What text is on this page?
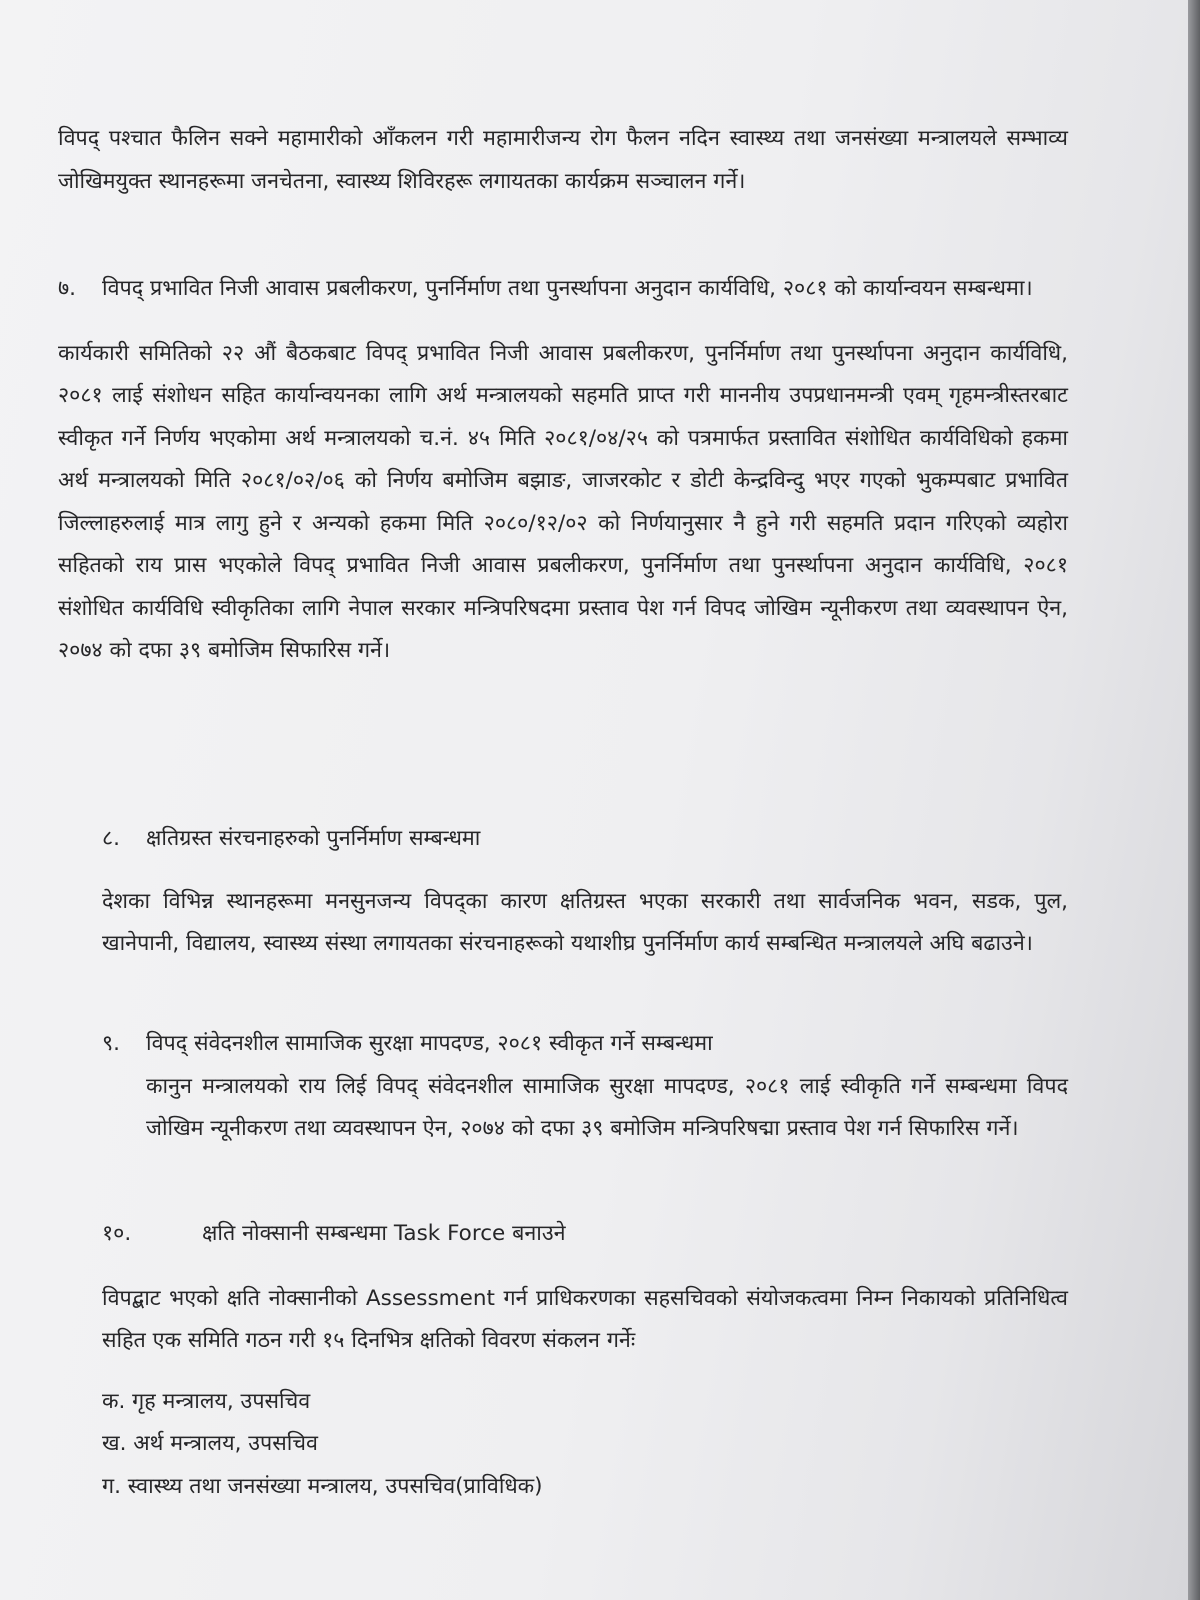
विपद् पश्चात फैलिन सक्ने महामारीको आँकलन गरी महामारीजन्य रोग फैलन नदिन स्वास्थ्य तथा जनसंख्या मन्त्रालयले सम्भाव्य जोखिमयुक्त स्थानहरूमा जनचेतना, स्वास्थ्य शिविरहरू लगायतका कार्यक्रम सञ्चालन गर्ने।

७.	विपद् प्रभावित निजी आवास प्रबलीकरण, पुनर्निर्माण तथा पुनर्स्थापना अनुदान कार्यविधि, २०८१ को कार्यान्वयन सम्बन्धमा।

कार्यकारी समितिको २२ औं बैठकबाट विपद् प्रभावित निजी आवास प्रबलीकरण, पुनर्निर्माण तथा पुनर्स्थापना अनुदान कार्यविधि, २०८१ लाई संशोधन सहित कार्यान्वयनका लागि अर्थ मन्त्रालयको सहमति प्राप्त गरी माननीय उपप्रधानमन्त्री एवम् गृहमन्त्रीस्तरबाट स्वीकृत गर्ने निर्णय भएकोमा अर्थ मन्त्रालयको च.नं. ४५ मिति २०८१/०४/२५ को पत्रमार्फत प्रस्तावित संशोधित कार्यविधिको हकमा अर्थ मन्त्रालयको मिति २०८१/०२/०६ को निर्णय बमोजिम बझाङ, जाजरकोट र डोटी केन्द्रविन्दु भएर गएको भुकम्पबाट प्रभावित जिल्लाहरुलाई मात्र लागु हुने र अन्यको हकमा मिति २०८०/१२/०२ को निर्णयानुसार नै हुने गरी सहमति प्रदान गरिएको व्यहोरा सहितको राय प्रास भएकोले विपद् प्रभावित निजी आवास प्रबलीकरण, पुनर्निर्माण तथा पुनर्स्थापना अनुदान कार्यविधि, २०८१ संशोधित कार्यविधि स्वीकृतिका लागि नेपाल सरकार मन्त्रिपरिषदमा प्रस्ताव पेश गर्न विपद जोखिम न्यूनीकरण तथा व्यवस्थापन ऐन, २०७४ को दफा ३९ बमोजिम सिफारिस गर्ने।

८.	क्षतिग्रस्त संरचनाहरुको पुनर्निर्माण सम्बन्धमा

देशका विभिन्न स्थानहरूमा मनसुनजन्य विपद्का कारण क्षतिग्रस्त भएका सरकारी तथा सार्वजनिक भवन, सडक, पुल, खानेपानी, विद्यालय, स्वास्थ्य संस्था लगायतका संरचनाहरूको यथाशीघ्र पुनर्निर्माण कार्य सम्बन्धित मन्त्रालयले अघि बढाउने।

९.	विपद् संवेदनशील सामाजिक सुरक्षा मापदण्ड, २०८१ स्वीकृत गर्ने सम्बन्धमा

कानुन मन्त्रालयको राय लिई विपद् संवेदनशील सामाजिक सुरक्षा मापदण्ड, २०८१ लाई स्वीकृति गर्ने सम्बन्धमा विपद जोखिम न्यूनीकरण तथा व्यवस्थापन ऐन, २०७४ को दफा ३९ बमोजिम मन्त्रिपरिषद्मा प्रस्ताव पेश गर्न सिफारिस गर्ने।

१०.	क्षति नोक्सानी सम्बन्धमा Task Force बनाउने

विपद्बाट भएको क्षति नोक्सानीको Assessment गर्न प्राधिकरणका सहसचिवको संयोजकत्वमा निम्न निकायको प्रतिनिधित्व सहित एक समिति गठन गरी १५ दिनभित्र क्षतिको विवरण संकलन गर्नेः

क. गृह मन्त्रालय, उपसचिव

ख. अर्थ मन्त्रालय, उपसचिव

ग. स्वास्थ्य तथा जनसंख्या मन्त्रालय, उपसचिव(प्राविधिक)
